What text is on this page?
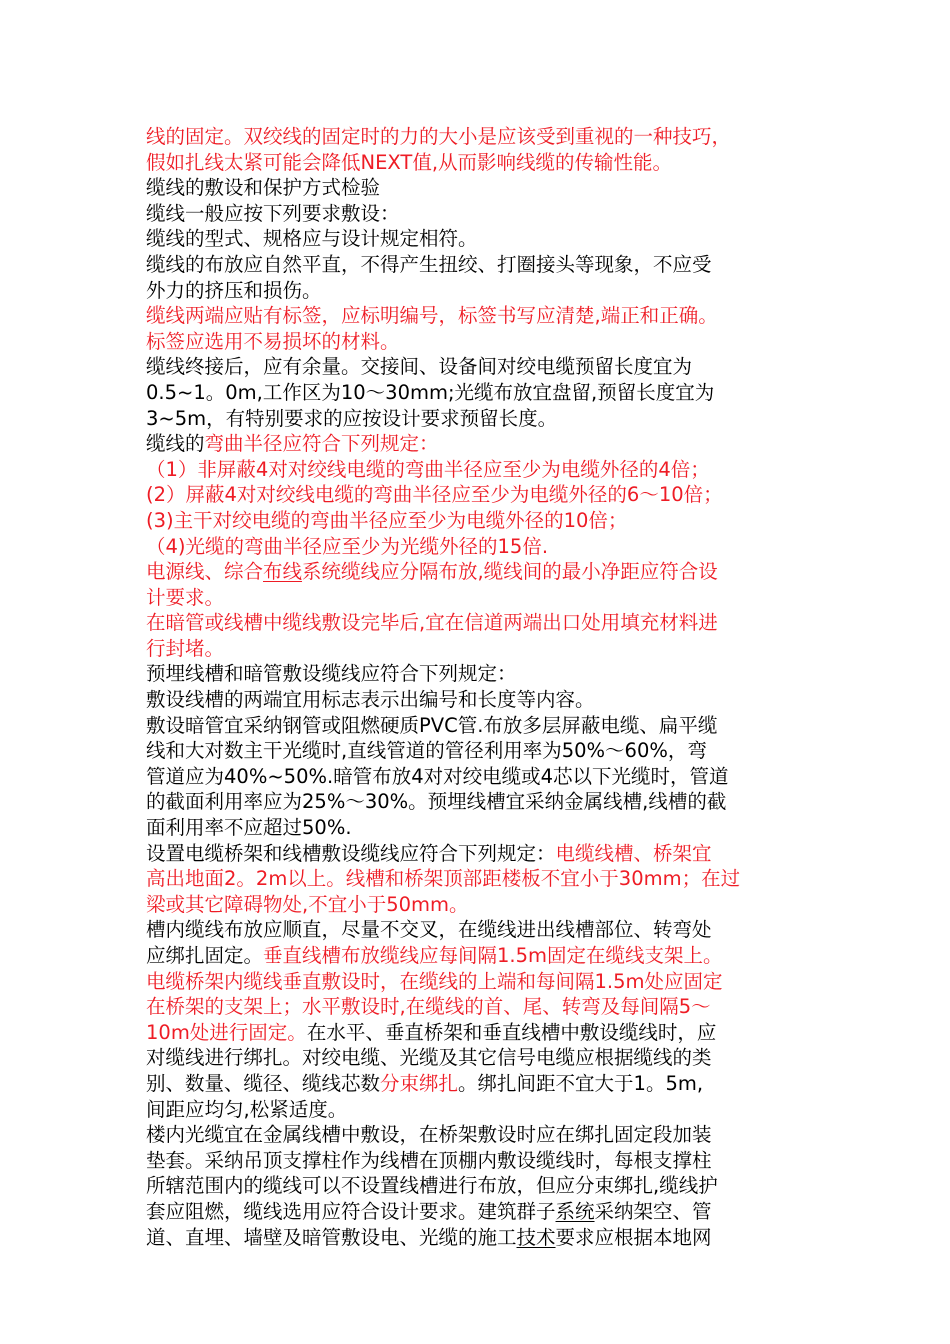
线的固定。双绞线的固定时的力的大小是应该受到重视的一种技巧，
假如扎线太紧可能会降低NEXT值,从而影响线缆的传输性能。
缆线的敷设和保护方式检验
缆线一般应按下列要求敷设：
缆线的型式、规格应与设计规定相符。
缆线的布放应自然平直，不得产生扭绞、打圈接头等现象，不应受
外力的挤压和损伤。
缆线两端应贴有标签，应标明编号，标签书写应清楚,端正和正确。
标签应选用不易损坏的材料。
缆线终接后，应有余量。交接间、设备间对绞电缆预留长度宜为
0.5~1。0m,工作区为10～30mm;光缆布放宜盘留,预留长度宜为
3~5m，有特别要求的应按设计要求预留长度。
缆线的弯曲半径应符合下列规定：
（1）非屏蔽4对对绞线电缆的弯曲半径应至少为电缆外径的4倍；
(2）屏蔽4对对绞线电缆的弯曲半径应至少为电缆外径的6～10倍；
(3)主干对绞电缆的弯曲半径应至少为电缆外径的10倍；
（4)光缆的弯曲半径应至少为光缆外径的15倍.
电源线、综合布线系统缆线应分隔布放,缆线间的最小净距应符合设
计要求。
在暗管或线槽中缆线敷设完毕后,宜在信道两端出口处用填充材料进
行封堵。
预埋线槽和暗管敷设缆线应符合下列规定：
敷设线槽的两端宜用标志表示出编号和长度等内容。
敷设暗管宜采纳钢管或阻燃硬质PVC管.布放多层屏蔽电缆、扁平缆
线和大对数主干光缆时,直线管道的管径利用率为50%～60%，弯
管道应为40%~50%.暗管布放4对对绞电缆或4芯以下光缆时，管道
的截面利用率应为25%～30%。预埋线槽宜采纳金属线槽,线槽的截
面利用率不应超过50%.
设置电缆桥架和线槽敷设缆线应符合下列规定：电缆线槽、桥架宜
高出地面2。2m以上。线槽和桥架顶部距楼板不宜小于30mm；在过
梁或其它障碍物处,不宜小于50mm。
槽内缆线布放应顺直，尽量不交叉，在缆线进出线槽部位、转弯处
应绑扎固定。垂直线槽布放缆线应每间隔1.5m固定在缆线支架上。
电缆桥架内缆线垂直敷设时，在缆线的上端和每间隔1.5m处应固定
在桥架的支架上；水平敷设时,在缆线的首、尾、转弯及每间隔5～
10m处进行固定。在水平、垂直桥架和垂直线槽中敷设缆线时，应
对缆线进行绑扎。对绞电缆、光缆及其它信号电缆应根据缆线的类
别、数量、缆径、缆线芯数分束绑扎。绑扎间距不宜大于1。5m,
间距应均匀,松紧适度。
楼内光缆宜在金属线槽中敷设，在桥架敷设时应在绑扎固定段加装
垫套。采纳吊顶支撑柱作为线槽在顶棚内敷设缆线时，每根支撑柱
所辖范围内的缆线可以不设置线槽进行布放，但应分束绑扎,缆线护
套应阻燃，缆线选用应符合设计要求。建筑群子系统采纳架空、管
道、直埋、墙壁及暗管敷设电、光缆的施工技术要求应根据本地网
